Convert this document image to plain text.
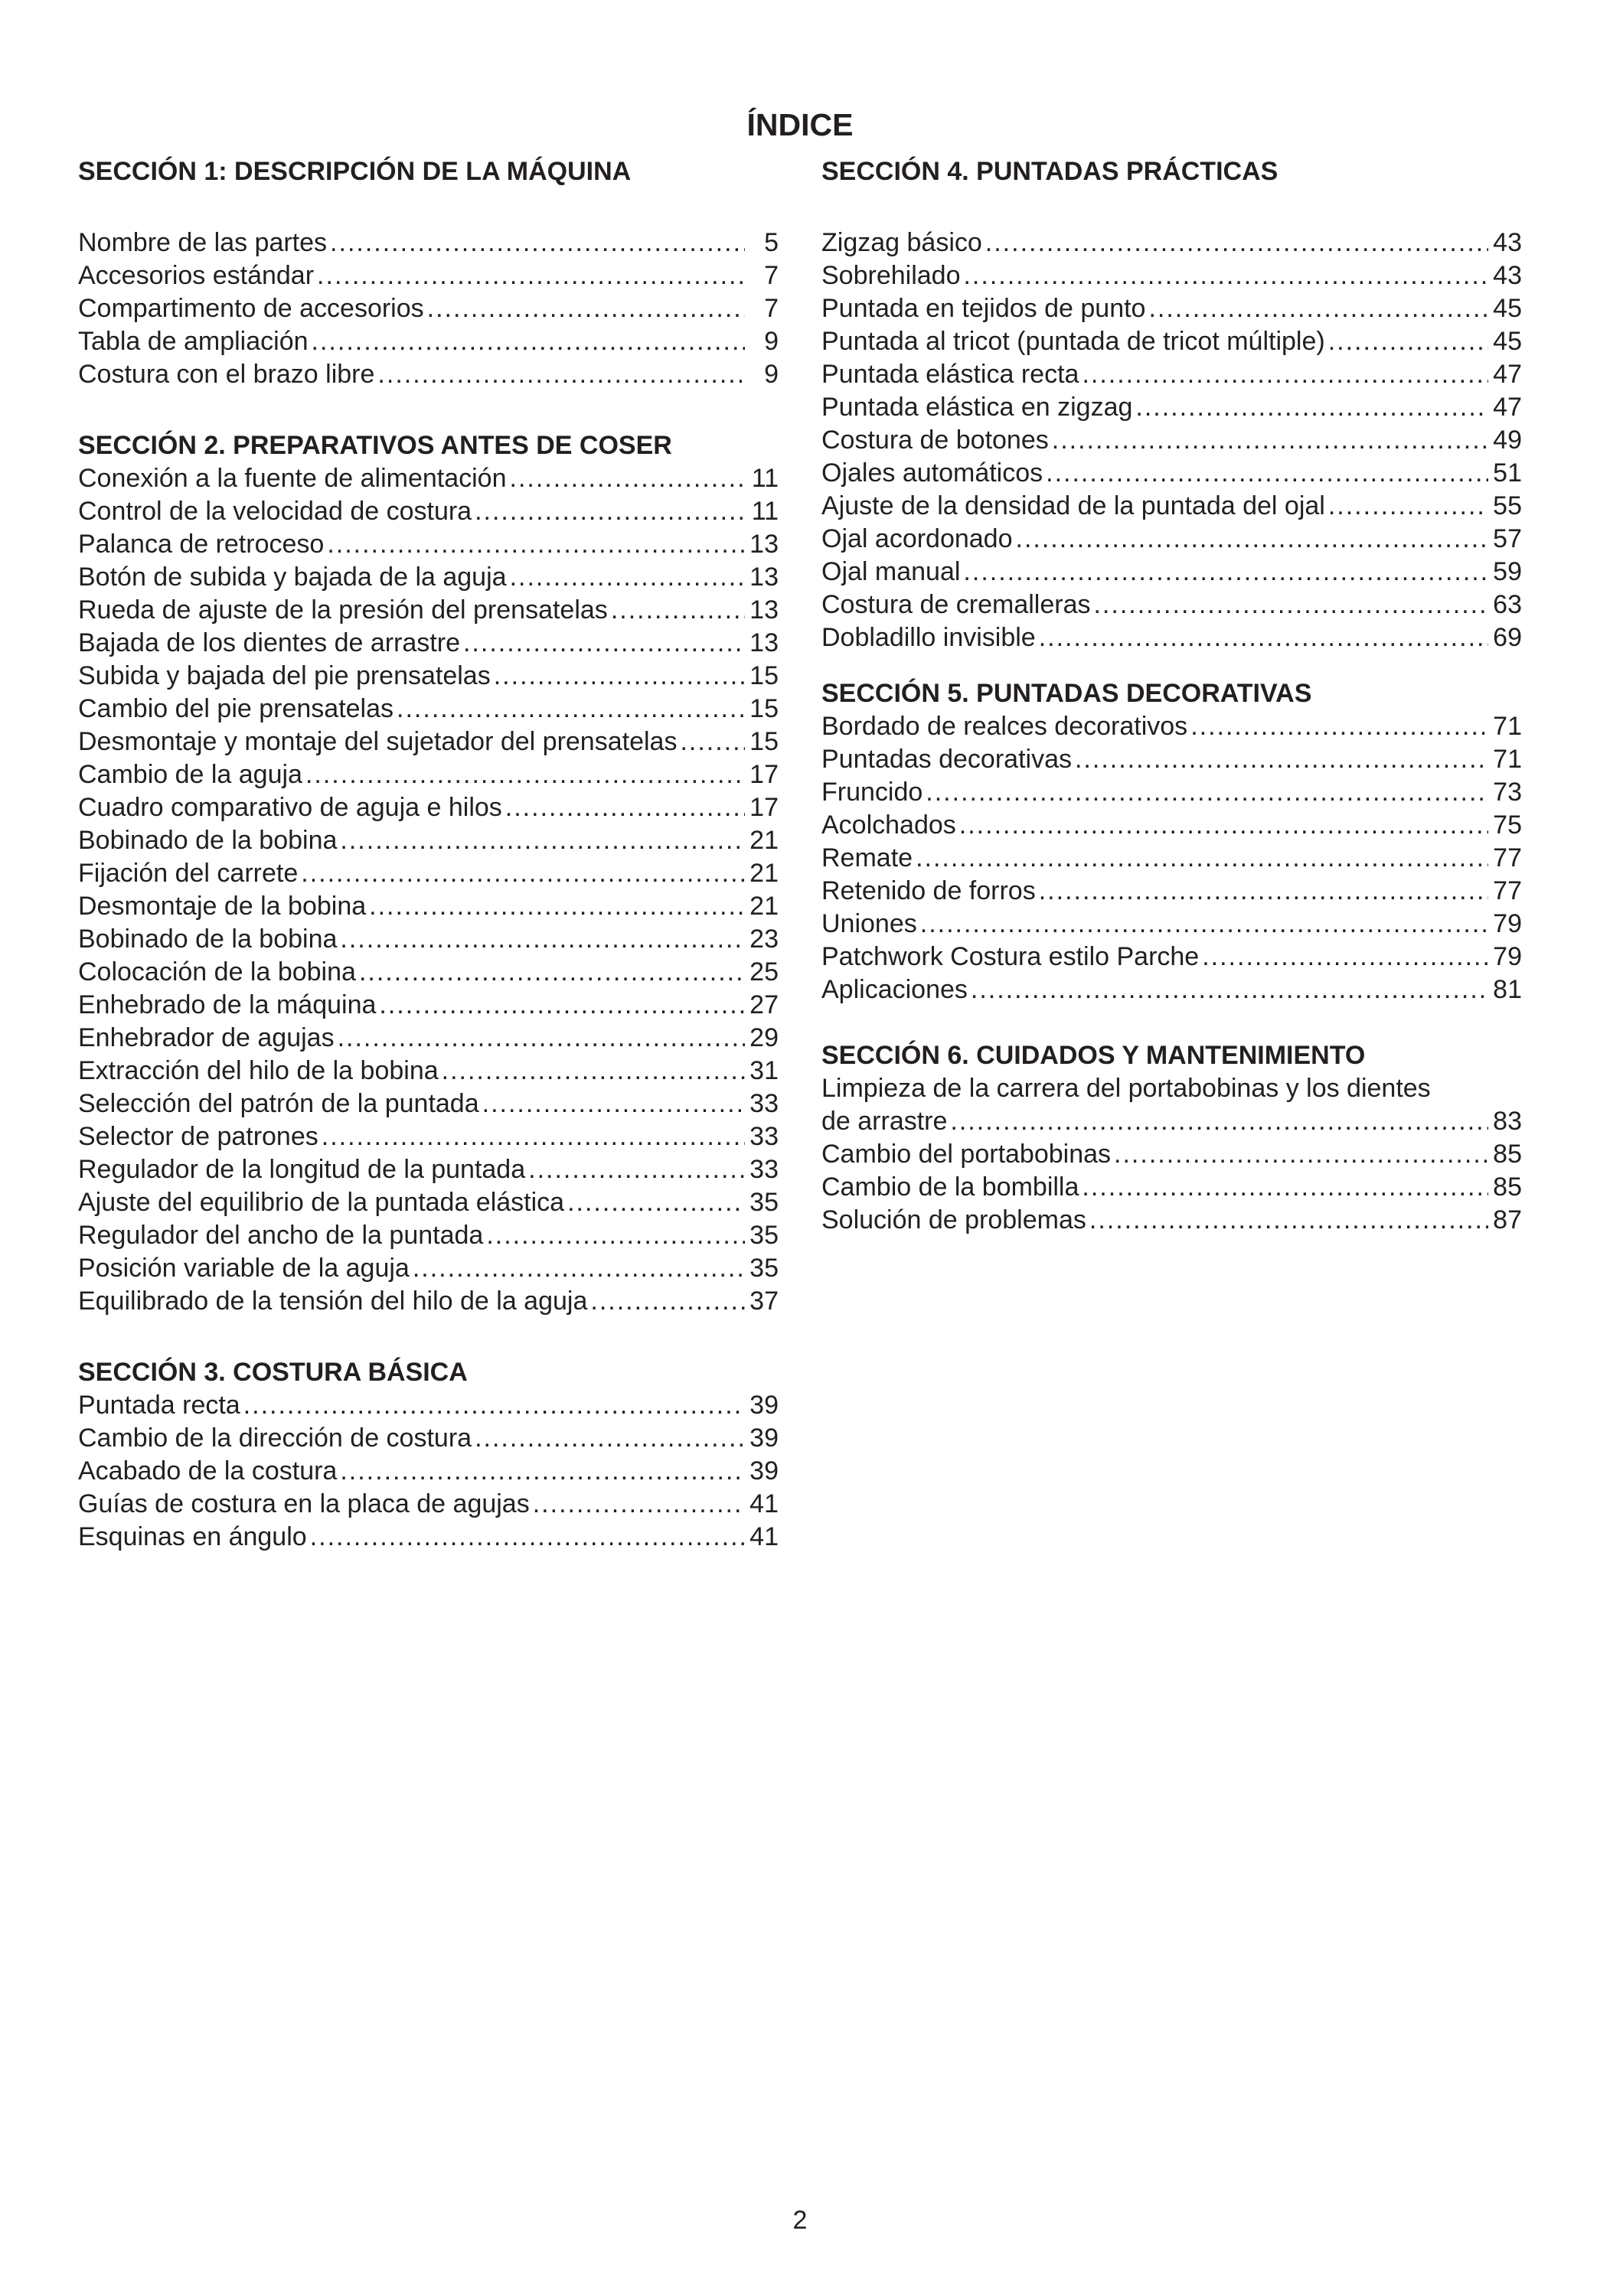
ÍNDICE
SECCIÓN 1: DESCRIPCIÓN DE LA MÁQUINA
Nombre de las partes .....	5
Accesorios estándar .....	7
Compartimento de accesorios .....	7
Tabla de ampliación .....	9
Costura con el brazo libre .....	9
SECCIÓN 2. PREPARATIVOS ANTES DE COSER
Conexión a la fuente de alimentación .....	11
Control de la velocidad de costura .....	11
Palanca de retroceso .....	13
Botón de subida y bajada de la aguja .....	13
Rueda de ajuste de la presión del prensatelas .....	13
Bajada de los dientes de arrastre .....	13
Subida y bajada del pie prensatelas .....	15
Cambio del pie prensatelas .....	15
Desmontaje y montaje del sujetador del prensatelas .....	15
Cambio de la aguja .....	17
Cuadro comparativo de aguja e hilos .....	17
Bobinado de la bobina .....	21
Fijación del carrete .....	21
Desmontaje de la bobina .....	21
Bobinado de la bobina .....	23
Colocación de la bobina .....	25
Enhebrado de la máquina .....	27
Enhebrador de agujas .....	29
Extracción del hilo de la bobina .....	31
Selección del patrón de la puntada .....	33
Selector de patrones .....	33
Regulador de la longitud de la puntada .....	33
Ajuste del equilibrio de la puntada elástica .....	35
Regulador del ancho de la puntada .....	35
Posición variable de la aguja .....	35
Equilibrado de la tensión del hilo de la aguja .....	37
SECCIÓN 3. COSTURA BÁSICA
Puntada recta .....	39
Cambio de la dirección de costura .....	39
Acabado de la costura .....	39
Guías de costura en la placa de agujas .....	41
Esquinas en ángulo .....	41
SECCIÓN 4. PUNTADAS PRÁCTICAS
Zigzag básico .....	43
Sobrehilado .....	43
Puntada en tejidos de punto .....	45
Puntada al tricot (puntada de tricot múltiple) .....	45
Puntada elástica recta .....	47
Puntada elástica en zigzag .....	47
Costura de botones .....	49
Ojales automáticos .....	51
Ajuste de la densidad de la puntada del ojal .....	55
Ojal acordonado .....	57
Ojal manual .....	59
Costura de cremalleras .....	63
Dobladillo invisible .....	69
SECCIÓN 5. PUNTADAS DECORATIVAS
Bordado de realces decorativos .....	71
Puntadas decorativas .....	71
Fruncido .....	73
Acolchados .....	75
Remate .....	77
Retenido de forros .....	77
Uniones .....	79
Patchwork Costura estilo Parche .....	79
Aplicaciones .....	81
SECCIÓN 6. CUIDADOS Y MANTENIMIENTO
Limpieza de la carrera del portabobinas y los dientes
de arrastre .....	83
Cambio del portabobinas .....	85
Cambio de la bombilla .....	85
Solución de problemas .....	87
2
